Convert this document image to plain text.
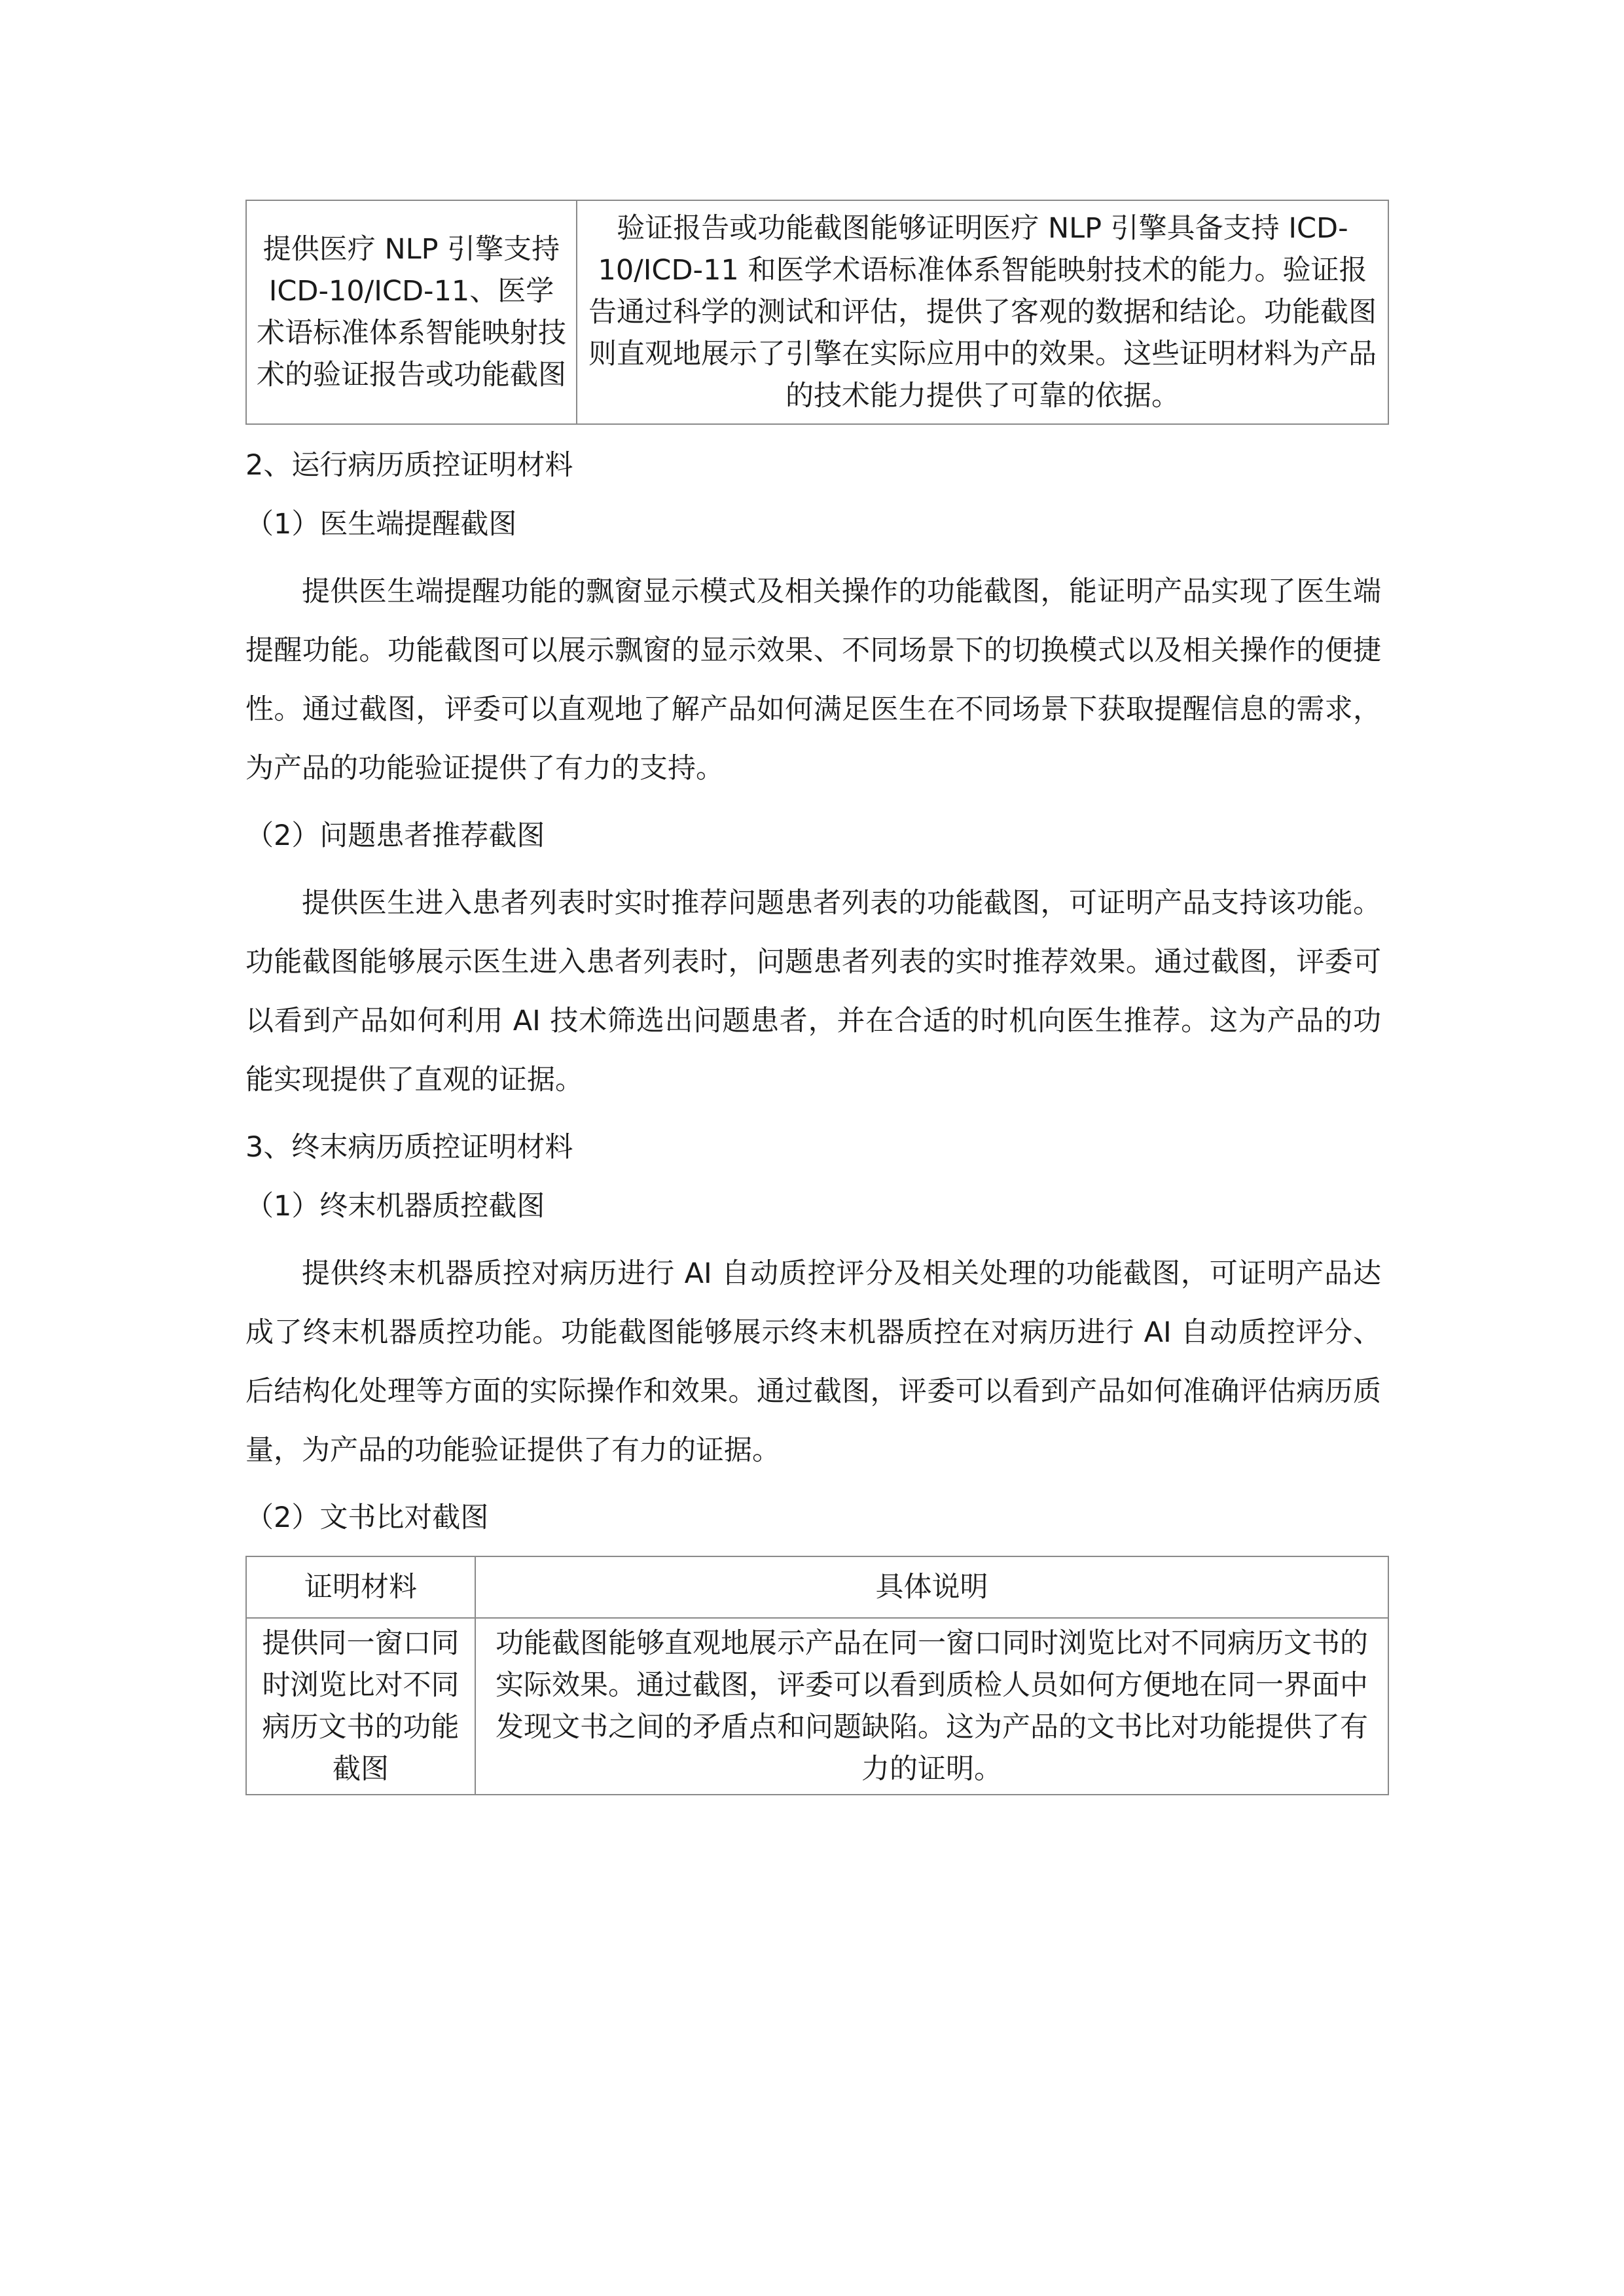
提供医疗 NLP 引擎支持 ICD-10/ICD-11、医学术语标准体系智能映射技术的验证报告或功能截图	验证报告或功能截图能够证明医疗 NLP 引擎具备支持 ICD-10/ICD-11 和医学术语标准体系智能映射技术的能力。验证报告通过科学的测试和评估，提供了客观的数据和结论。功能截图则直观地展示了引擎在实际应用中的效果。这些证明材料为产品的技术能力提供了可靠的依据。

2、运行病历质控证明材料

（1）医生端提醒截图

提供医生端提醒功能的飘窗显示模式及相关操作的功能截图，能证明产品实现了医生端提醒功能。功能截图可以展示飘窗的显示效果、不同场景下的切换模式以及相关操作的便捷性。通过截图，评委可以直观地了解产品如何满足医生在不同场景下获取提醒信息的需求，为产品的功能验证提供了有力的支持。

（2）问题患者推荐截图

提供医生进入患者列表时实时推荐问题患者列表的功能截图，可证明产品支持该功能。功能截图能够展示医生进入患者列表时，问题患者列表的实时推荐效果。通过截图，评委可以看到产品如何利用 AI 技术筛选出问题患者，并在合适的时机向医生推荐。这为产品的功能实现提供了直观的证据。

3、终末病历质控证明材料

（1）终末机器质控截图

提供终末机器质控对病历进行 AI 自动质控评分及相关处理的功能截图，可证明产品达成了终末机器质控功能。功能截图能够展示终末机器质控在对病历进行 AI 自动质控评分、后结构化处理等方面的实际操作和效果。通过截图，评委可以看到产品如何准确评估病历质量，为产品的功能验证提供了有力的证据。

（2）文书比对截图

证明材料	具体说明
提供同一窗口同时浏览比对不同病历文书的功能截图	功能截图能够直观地展示产品在同一窗口同时浏览比对不同病历文书的实际效果。通过截图，评委可以看到质检人员如何方便地在同一界面中发现文书之间的矛盾点和问题缺陷。这为产品的文书比对功能提供了有力的证明。
